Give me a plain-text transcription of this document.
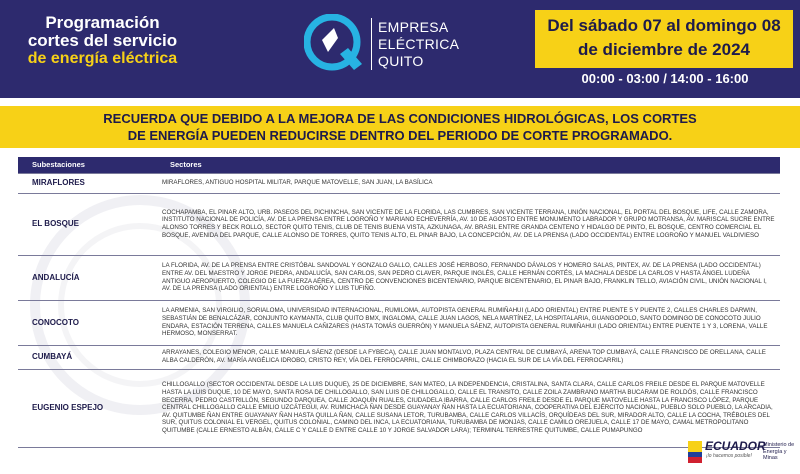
Programación
cortes del servicio
de energía eléctrica
EMPRESA
ELÉCTRICA
QUITO
Del sábado 07 al domingo 08
de diciembre de 2024
00:00 - 03:00 / 14:00 - 16:00
RECUERDA QUE DEBIDO A LA MEJORA DE LAS CONDICIONES HIDROLÓGICAS, LOS CORTES
DE ENERGÍA PUEDEN REDUCIRSE DENTRO DEL PERIODO DE CORTE PROGRAMADO.
Subestaciones	Sectores
MIRAFLORES	MIRAFLORES, ANTIGUO HOSPITAL MILITAR, PARQUE MATOVELLE, SAN JUAN, LA BASÍLICA
EL BOSQUE	COCHAPAMBA, EL PINAR ALTO, URB. PASEOS DEL PICHINCHA, SAN VICENTE DE LA FLORIDA, LAS CUMBRES, SAN VICENTE TERRANA, UNIÓN NACIONAL, EL PORTAL DEL BOSQUE, LIFE, CALLE ZAMORA, INSTITUTO NACIONAL DE POLICÍA, AV. DE LA PRENSA ENTRE LOGROÑO Y MARIANO ECHEVERRÍA, AV. 10 DE AGOSTO ENTRE MONUMENTO LABRADOR Y GRUPO MOTRANSA, AV. MARISCAL SUCRE ENTRE ALONSO TORRES Y BECK ROLLO, SECTOR QUITO TENIS, CLUB DE TENIS BUENA VISTA, AZKUNAGA, AV. BRASIL ENTRE GRANDA CENTENO Y HIDALGO DE PINTO, EL BOSQUE, CENTRO COMERCIAL EL BOSQUE, AVENIDA DEL PARQUE, CALLE ALONSO DE TORRES, QUITO TENIS ALTO, EL PINAR BAJO, LA CONCEPCIÓN, AV. DE LA PRENSA (LADO OCCIDENTAL) ENTRE LOGROÑO Y MANUEL VALDIVIESO
ANDALUCÍA	LA FLORIDA, AV. DE LA PRENSA ENTRE CRISTÓBAL SANDOVAL Y GONZALO GALLO, CALLES JOSÉ HERBOSO, FERNANDO DÁVALOS Y HOMERO SALAS, PINTEX, AV. DE LA PRENSA (LADO OCCIDENTAL) ENTRE AV. DEL MAESTRO Y JORGE PIEDRA, ANDALUCÍA, SAN CARLOS, SAN PEDRO CLAVER, PARQUE INGLÉS, CALLE HERNÁN CORTÉS, LA MACHALA DESDE LA CARLOS V HASTA ÁNGEL LUDEÑA ANTIGUO AEROPUERTO, COLEGIO DE LA FUERZA AÉREA, CENTRO DE CONVENCIONES BICENTENARIO, PARQUE BICENTENARIO, EL PINAR BAJO, FRANKLIN TELLO, AVIACIÓN CIVIL, UNIÓN NACIONAL I, AV. DE LA PRENSA (LADO ORIENTAL) ENTRE LOGROÑO Y LUIS TUFIÑO.
CONOCOTO	LA ARMENIA, SAN VIRGILIO, SORIALOMA, UNIVERSIDAD INTERNACIONAL, RUMILOMA, AUTOPISTA GENERAL RUMIÑAHUI (LADO ORIENTAL) ENTRE PUENTE 5 Y PUENTE 2, CALLES CHARLES DARWIN, SEBASTIÁN DE BENALCÁZAR, CONJUNTO KAYMANTA, CLUB QUITO BMX, INGALOMA, CALLE JUAN LAGOS, NELA MARTÍNEZ, LA HOSPITALARIA, GUANGOPOLO, SANTO DOMINGO DE CONOCOTO JULIO ENDARA, ESTACIÓN TERRENA, CALLES MANUELA CAÑIZARES (HASTA TOMÁS GUERRÓN) Y MANUELA SÁENZ, AUTOPISTA GENERAL RUMIÑAHUI (LADO ORIENTAL) ENTRE PUENTE 1 Y 3, LORENA, VALLE HERMOSO, MONSERRAT.
CUMBAYÁ	ARRAYANES, COLEGIO MENOR, CALLE MANUELA SÁENZ (DESDE LA FYBECA), CALLE JUAN MONTALVO, PLAZA CENTRAL DE CUMBAYÁ, ARENA TOP CUMBAYÁ, CALLE FRANCISCO DE ORELLANA, CALLE ALBA CALDERÓN, AV. MARÍA ANGÉLICA IDROBO, CRISTO REY, VÍA DEL FERROCARRIL, CALLE CHIMBORAZO (HACIA EL SUR DE LA VÍA DEL FERROCARRIL)
EUGENIO ESPEJO	CHILLOGALLO (SECTOR OCCIDENTAL DESDE LA LUIS DUQUE), 25 DE DICIEMBRE, SAN MATEO, LA INDEPENDENCIA, CRISTALINA, SANTA CLARA, CALLE CARLOS FREILE DESDE EL PARQUE MATOVELLE HASTA LA LUIS DUQUE, 10 DE MAYO, SANTA ROSA DE CHILLOGALLO, SAN LUIS DE CHILLOGALLO, CALLE EL TRANSITO, CALLE ZOILA ZAMBRANO MARTHA BUCARAM DE ROLDÓS, CALLE FRANCISCO BECERRA, PEDRO CASTRILLÓN, SEGUNDO DARQUEA, CALLE JOAQUÍN RUALES, CIUDADELA IBARRA, CALLE CARLOS FREILE DESDE EL PARQUE MATOVELLE HASTA LA FRANCISCO LÓPEZ, PARQUE CENTRAL CHILLOGALLO CALLE EMILIO UZCÁTEGUI, AV. RUMICHACA ÑAN DESDE GUAYANAY ÑAN HASTA LA ECUATORIANA, COOPERATIVA DEL EJÉRCITO NACIONAL, PUEBLO SOLO PUEBLO, LA ARCADIA, AV. QUITUMBE ÑAN ENTRE GUAYANAY ÑAN HASTA QUILLA ÑAN, CALLE SUSANA LETOR, TURUBAMBA, CALLE CARLOS VILLACÍS, ORQUÍDEAS DEL SUR, MIRADOR ALTO, CALLE LA COCHA, TRÉBOLES DEL SUR, QUITUS COLONIAL EL VERGEL, QUITUS COLONIAL, CAMINO DEL INCA, LA ECUATORIANA, TURUBAMBA DE MONJAS, CALLE CAMILO OREJUELA, CALLE 17 DE MAYO, CAMAL METROPOLITANO QUITUMBE (CALLE ERNESTO ALBÁN, CALLE C Y CALLE D ENTRE CALLE 10 Y JORGE SALVADOR LARA); TERMINAL TERRESTRE QUITUMBE, CALLE PUMAPUNGO
ECUADOR
¡lo hacemos posible!
Ministerio de Energía y Minas
